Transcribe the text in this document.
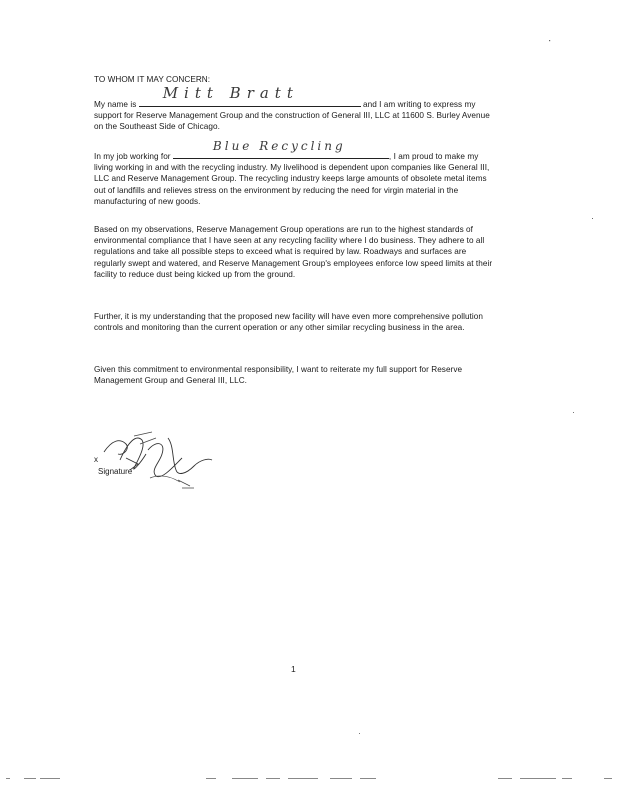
TO WHOM IT MAY CONCERN:
My name is
Mitt Bratt
and I am writing to express my support for Reserve Management Group and the construction of General III, LLC at 11600 S. Burley Avenue on the Southeast Side of Chicago.
In my job working for
Blue Recycling
, I am proud to make my living working in and with the recycling industry. My livelihood is dependent upon companies like General III, LLC and Reserve Management Group. The recycling industry keeps large amounts of obsolete metal items out of landfills and relieves stress on the environment by reducing the need for virgin material in the manufacturing of new goods.
Based on my observations, Reserve Management Group operations are run to the highest standards of environmental compliance that I have seen at any recycling facility where I do business. They adhere to all regulations and take all possible steps to exceed what is required by law. Roadways and surfaces are regularly swept and watered, and Reserve Management Group's employees enforce low speed limits at their facility to reduce dust being kicked up from the ground.
Further, it is my understanding that the proposed new facility will have even more comprehensive pollution controls and monitoring than the current operation or any other similar recycling business in the area.
Given this commitment to environmental responsibility, I want to reiterate my full support for Reserve Management Group and General III, LLC.
x
Signature
1
